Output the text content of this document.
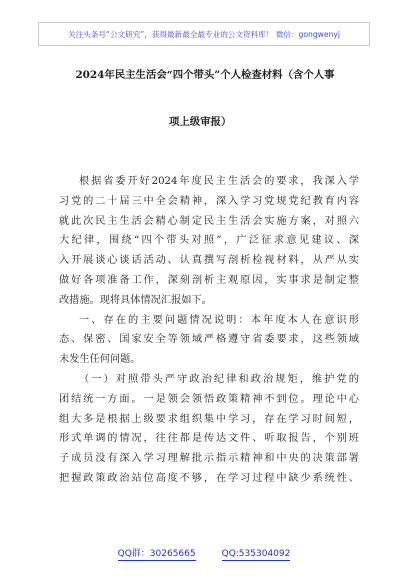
关注头条号“公文研究”，获得最新最全最专业的公文资料库！ 微信：gongwenyj
2024年民主生活会“四个带头”个人检查材料（含个人事
项上级审报）
根据省委开好2024年度民主生活会的要求，我深入学
习党的二十届三中全会精神，深入学习党规党纪教育内容
就此次民主生活会精心制定民主生活会实施方案，对照六
大纪律，围绕“四个带头对照”，广泛征求意见建议、深
入开展谈心谈话活动、认真撰写剖析检视材料，从严从实
做好各项准备工作，深刻剖析主观原因，实事求是制定整
改措施。现将具体情况汇报如下。
一、存在的主要问题情况说明：本年度本人在意识形
态、保密、国家安全等领域严格遵守省委要求，这些领域
未发生任何问题。
（一）对照带头严守政治纪律和政治规矩，维护党的
团结统一方面。一是领会领悟政策精神不到位。理论中心
组大多是根据上级要求组织集中学习，存在学习时间短，
形式单调的情况，往往都是传达文件、听取报告，个别班
子成员没有深入学习理解批示指示精神和中央的决策部署
把握政策政治站位高度不够，在学习过程中缺少系统性、
QQ群：30265665	QQ:535304092
